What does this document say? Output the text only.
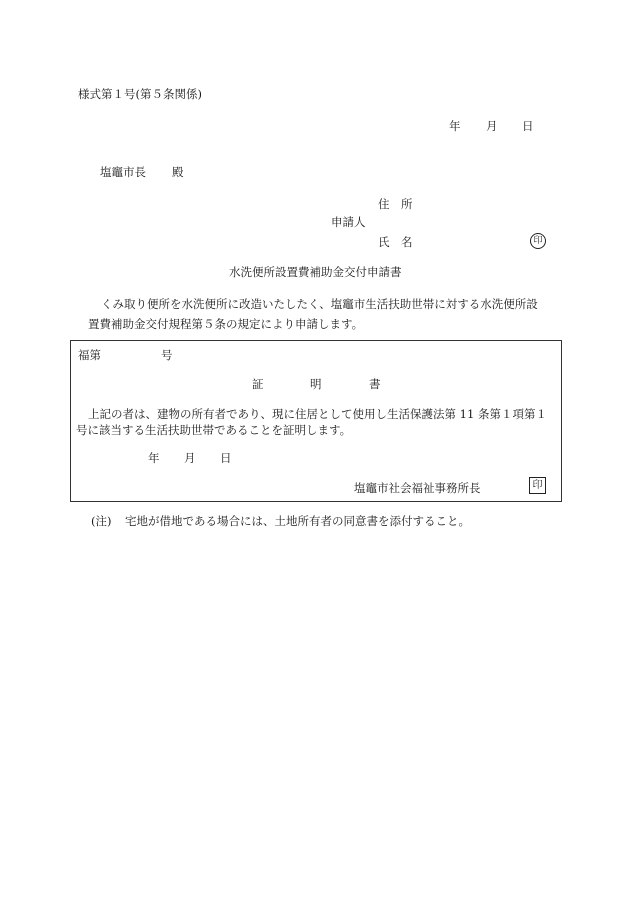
様式第１号(第５条関係)
年 月 日
塩竈市長 殿
住　所
申請人
氏　名	印
水洗便所設置費補助金交付申請書
くみ取り便所を水洗便所に改造いたしたく、塩竈市生活扶助世帯に対する水洗便所設
置費補助金交付規程第５条の規定により申請します。
福第	号
証	明	書
上記の者は、建物の所有者であり、現に住居として使用し生活保護法第 11 条第１項第１
号に該当する生活扶助世帯であることを証明します。
年 月 日
塩竈市社会福祉事務所長	印
(注) 宅地が借地である場合には、土地所有者の同意書を添付すること。
